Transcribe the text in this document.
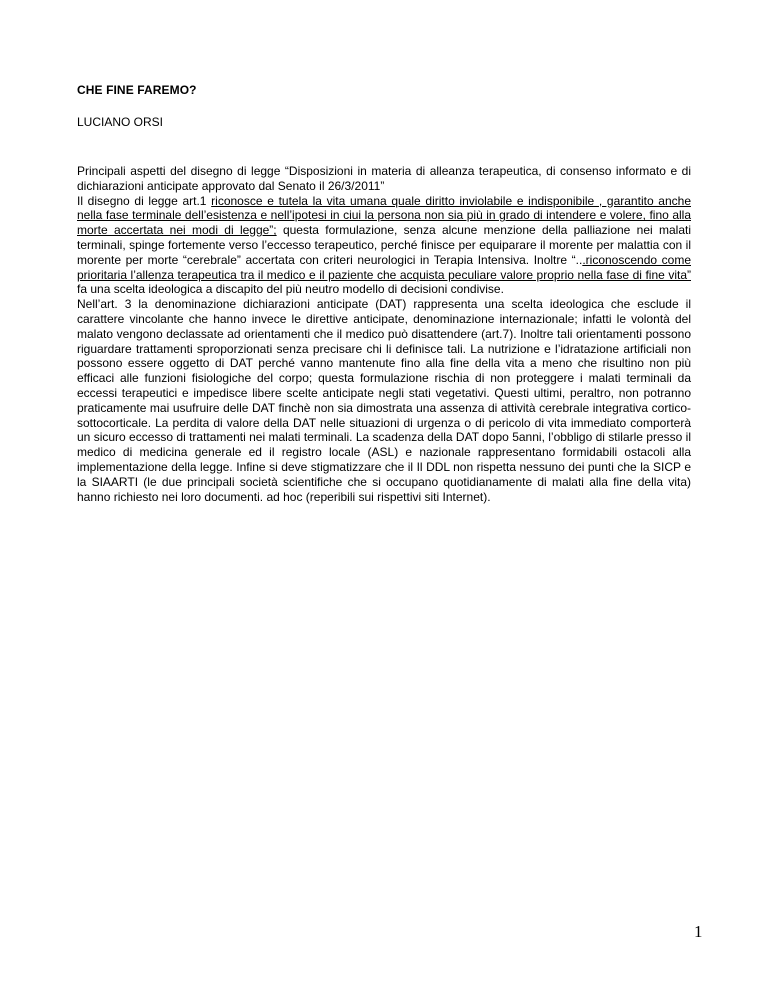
CHE FINE FAREMO?
LUCIANO ORSI

Principali aspetti del disegno di legge “Disposizioni in materia di alleanza terapeutica, di consenso informato e di dichiarazioni anticipate approvato dal Senato il 26/3/2011”

Il disegno di legge art.1 riconosce e tutela la vita umana quale diritto inviolabile e indisponibile , garantito anche nella fase terminale dell’esistenza e nell’ipotesi in ciui la persona non sia più in grado di intendere e volere, fino alla morte accertata nei modi di legge”; questa formulazione, senza alcune menzione della palliazione nei malati terminali, spinge fortemente verso l’eccesso terapeutico, perché finisce per equiparare il morente per malattia con il morente per morte “cerebrale” accertata con criteri neurologici in Terapia Intensiva. Inoltre “...riconoscendo come prioritaria l’allenza terapeutica tra il medico e il paziente che acquista peculiare valore proprio nella fase di fine vita” fa una scelta ideologica a discapito del più neutro modello di decisioni condivise.

Nell’art. 3 la denominazione dichiarazioni anticipate (DAT) rappresenta una scelta ideologica che esclude il carattere vincolante che hanno invece le direttive anticipate, denominazione internazionale; infatti le volontà del malato vengono declassate ad orientamenti che il medico può disattendere (art.7). Inoltre tali orientamenti possono riguardare trattamenti sproporzionati senza precisare chi li definisce tali. La nutrizione e l’idratazione artificiali non possono essere oggetto di DAT perché vanno mantenute fino alla fine della vita a meno che risultino non più efficaci alle funzioni fisiologiche del corpo; questa formulazione rischia di non proteggere i malati terminali da eccessi terapeutici e impedisce libere scelte anticipate negli stati vegetativi. Questi ultimi, peraltro, non potranno praticamente mai usufruire delle DAT finchè non sia dimostrata una assenza di attività cerebrale integrativa cortico-sottocorticale. La perdita di valore della DAT nelle situazioni di urgenza o di pericolo di vita immediato comporterà un sicuro eccesso di trattamenti nei malati terminali. La scadenza della DAT dopo 5anni, l’obbligo di stilarle presso il medico di medicina generale ed il registro locale (ASL) e nazionale rappresentano formidabili ostacoli alla implementazione della legge. Infine si deve stigmatizzare che il Il DDL non rispetta nessuno dei punti che la SICP e la SIAARTI (le due principali società scientifiche che si occupano quotidianamente di malati alla fine della vita) hanno richiesto nei loro documenti. ad hoc (reperibili sui rispettivi siti Internet).

1
